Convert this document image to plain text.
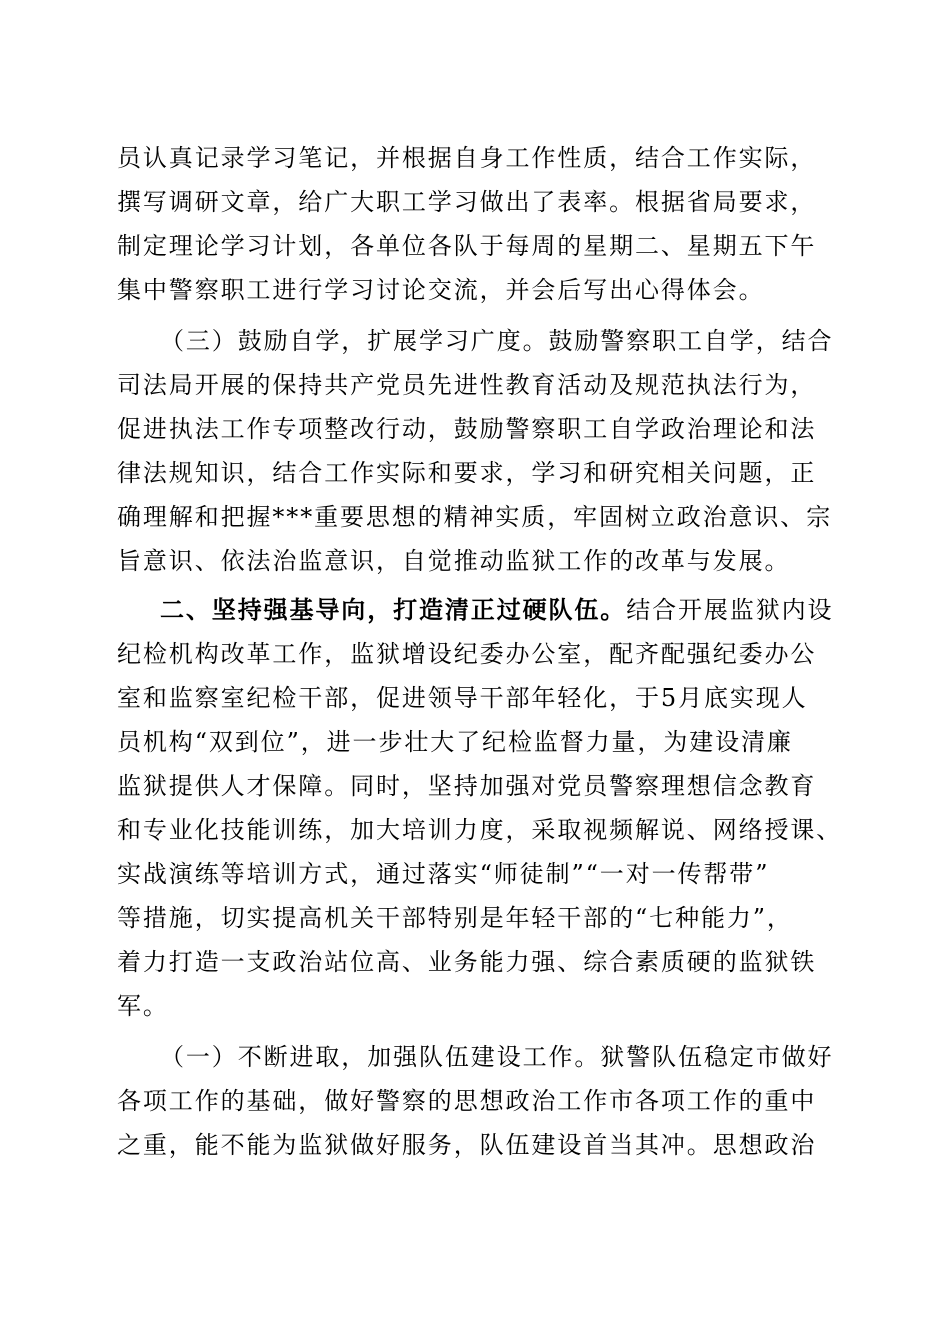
员认真记录学习笔记，并根据自身工作性质，结合工作实际，
撰写调研文章，给广大职工学习做出了表率。根据省局要求，
制定理论学习计划，各单位各队于每周的星期二、星期五下午
集中警察职工进行学习讨论交流，并会后写出心得体会。
（三）鼓励自学，扩展学习广度。鼓励警察职工自学，结合
司法局开展的保持共产党员先进性教育活动及规范执法行为，
促进执法工作专项整改行动，鼓励警察职工自学政治理论和法
律法规知识，结合工作实际和要求，学习和研究相关问题，正
确理解和把握***重要思想的精神实质，牢固树立政治意识、宗
旨意识、依法治监意识，自觉推动监狱工作的改革与发展。
二、坚持强基导向，打造清正过硬队伍。结合开展监狱内设
纪检机构改革工作，监狱增设纪委办公室，配齐配强纪委办公
室和监察室纪检干部，促进领导干部年轻化，于5月底实现人
员机构“双到位”，进一步壮大了纪检监督力量，为建设清廉
监狱提供人才保障。同时，坚持加强对党员警察理想信念教育
和专业化技能训练，加大培训力度，采取视频解说、网络授课、
实战演练等培训方式，通过落实“师徒制”“一对一传帮带”
等措施，切实提高机关干部特别是年轻干部的“七种能力”，
着力打造一支政治站位高、业务能力强、综合素质硬的监狱铁
军。
（一）不断进取，加强队伍建设工作。狱警队伍稳定市做好
各项工作的基础，做好警察的思想政治工作市各项工作的重中
之重，能不能为监狱做好服务，队伍建设首当其冲。思想政治
